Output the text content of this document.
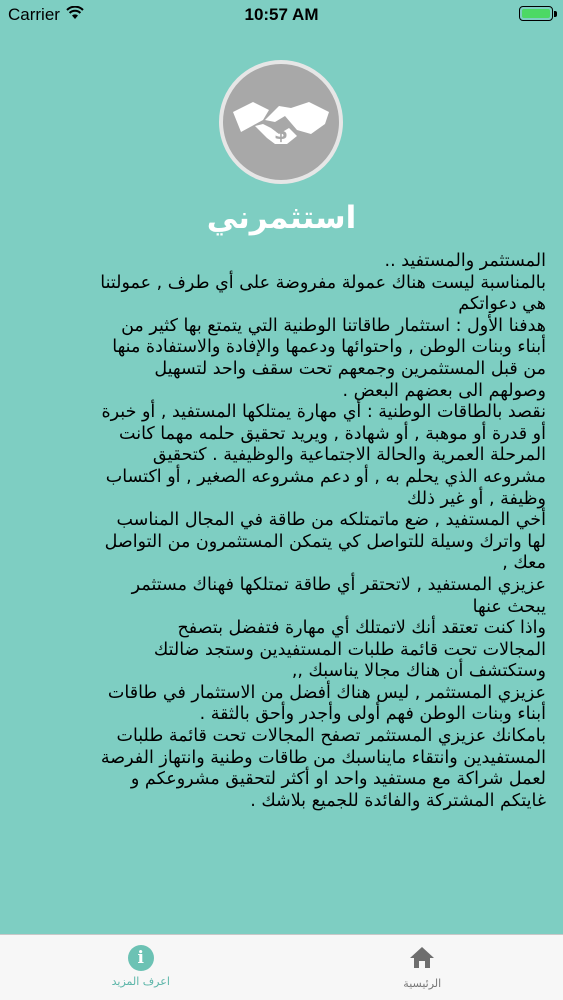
Carrier	10:57 AM
$
استثمرني
المستثمر والمستفيد ..
بالمناسبة ليست هناك عمولة مفروضة على أي طرف , عمولتنا
هي دعواتكم
هدفنا الأول : استثمار طاقاتنا الوطنية التي يتمتع بها كثير من
أبناء وبنات الوطن , واحتوائها ودعمها والإفادة والاستفادة منها
من قبل المستثمرين وجمعهم تحت سقف واحد لتسهيل
وصولهم الى بعضهم البعض .
نقصد بالطاقات الوطنية : أي مهارة يمتلكها المستفيد , أو خبرة
أو قدرة أو موهبة , أو شهادة , ويريد تحقيق حلمه مهما كانت
المرحلة العمرية والحالة الاجتماعية والوظيفية . كتحقيق
مشروعه الذي يحلم به , أو دعم مشروعه الصغير , أو اكتساب
وظيفة , أو غير ذلك
أخي المستفيد , ضع ماتمتلكه من طاقة في المجال المناسب
لها واترك وسيلة للتواصل كي يتمكن المستثمرون من التواصل
معك ,
عزيزي المستفيد , لاتحتقر أي طاقة تمتلكها فهناك مستثمر
يبحث عنها
واذا كنت تعتقد أنك لاتمتلك أي مهارة فتفضل بتصفح
المجالات تحت قائمة طلبات المستفيدين وستجد ضالتك
وستكتشف أن هناك مجالا يناسبك ,,
عزيزي المستثمر , ليس هناك أفضل من الاستثمار في طاقات
أبناء وبنات الوطن فهم أولى وأجدر وأحق بالثقة .
بامكانك عزيزي المستثمر تصفح المجالات تحت قائمة طلبات
المستفيدين وانتقاء مايناسبك من طاقات وطنية وانتهاز الفرصة
لعمل شراكة مع مستفيد واحد او أكثر لتحقيق مشروعكم و
غايتكم المشتركة والفائدة للجميع بلاشك .
الرئيسية
i
اعرف المزيد
